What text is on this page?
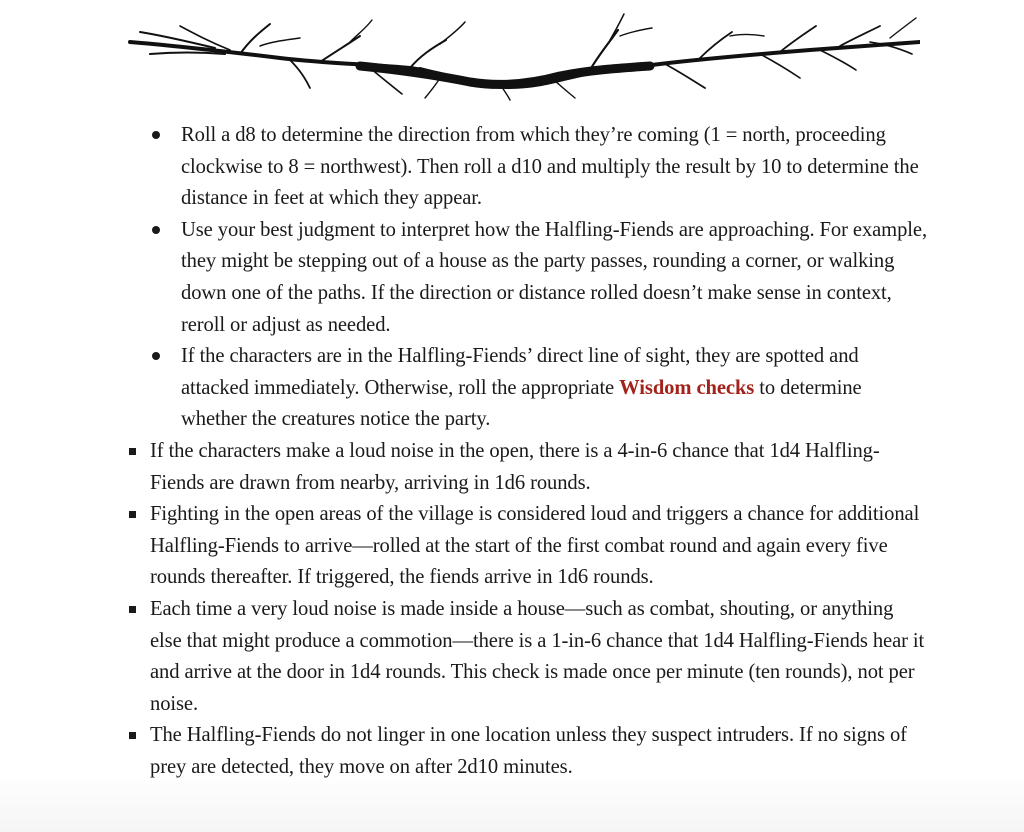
Roll a d8 to determine the direction from which they’re coming (1 = north, proceeding clockwise to 8 = northwest). Then roll a d10 and multiply the result by 10 to determine the distance in feet at which they appear.
Use your best judgment to interpret how the Halfling-Fiends are approaching. For example, they might be stepping out of a house as the party passes, rounding a corner, or walking down one of the paths. If the direction or distance rolled doesn’t make sense in context, reroll or adjust as needed.
If the characters are in the Halfling-Fiends’ direct line of sight, they are spotted and attacked immediately. Otherwise, roll the appropriate Wisdom checks to determine whether the creatures notice the party.
If the characters make a loud noise in the open, there is a 4-in-6 chance that 1d4 Halfling-Fiends are drawn from nearby, arriving in 1d6 rounds.
Fighting in the open areas of the village is considered loud and triggers a chance for additional Halfling-Fiends to arrive—rolled at the start of the first combat round and again every five rounds thereafter. If triggered, the fiends arrive in 1d6 rounds.
Each time a very loud noise is made inside a house—such as combat, shouting, or anything else that might produce a commotion—there is a 1-in-6 chance that 1d4 Halfling-Fiends hear it and arrive at the door in 1d4 rounds. This check is made once per minute (ten rounds), not per noise.
The Halfling-Fiends do not linger in one location unless they suspect intruders. If no signs of prey are detected, they move on after 2d10 minutes.
